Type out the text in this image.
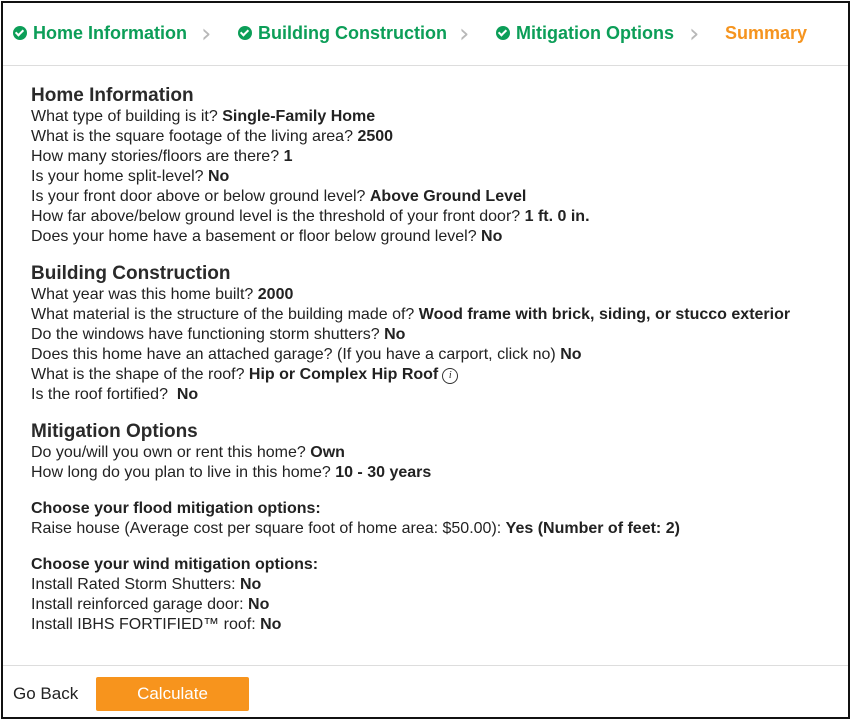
Home Information ›	Building Construction ›	Mitigation Options › Summary
Home Information
What type of building is it? Single-Family Home
What is the square footage of the living area? 2500
How many stories/floors are there? 1
Is your home split-level? No
Is your front door above or below ground level? Above Ground Level
How far above/below ground level is the threshold of your front door? 1 ft. 0 in.
Does your home have a basement or floor below ground level? No
Building Construction
What year was this home built? 2000
What material is the structure of the building made of? Wood frame with brick, siding, or stucco exterior
Do the windows have functioning storm shutters? No
Does this home have an attached garage? (If you have a carport, click no) No
What is the shape of the roof? Hip or Complex Hip Roof i
Is the roof fortified? No
Mitigation Options
Do you/will you own or rent this home? Own
How long do you plan to live in this home? 10 - 30 years
Choose your flood mitigation options:
Raise house (Average cost per square foot of home area: $50.00): Yes (Number of feet: 2)
Choose your wind mitigation options:
Install Rated Storm Shutters: No
Install reinforced garage door: No
Install IBHS FORTIFIED™ roof: No
Go Back	Calculate
